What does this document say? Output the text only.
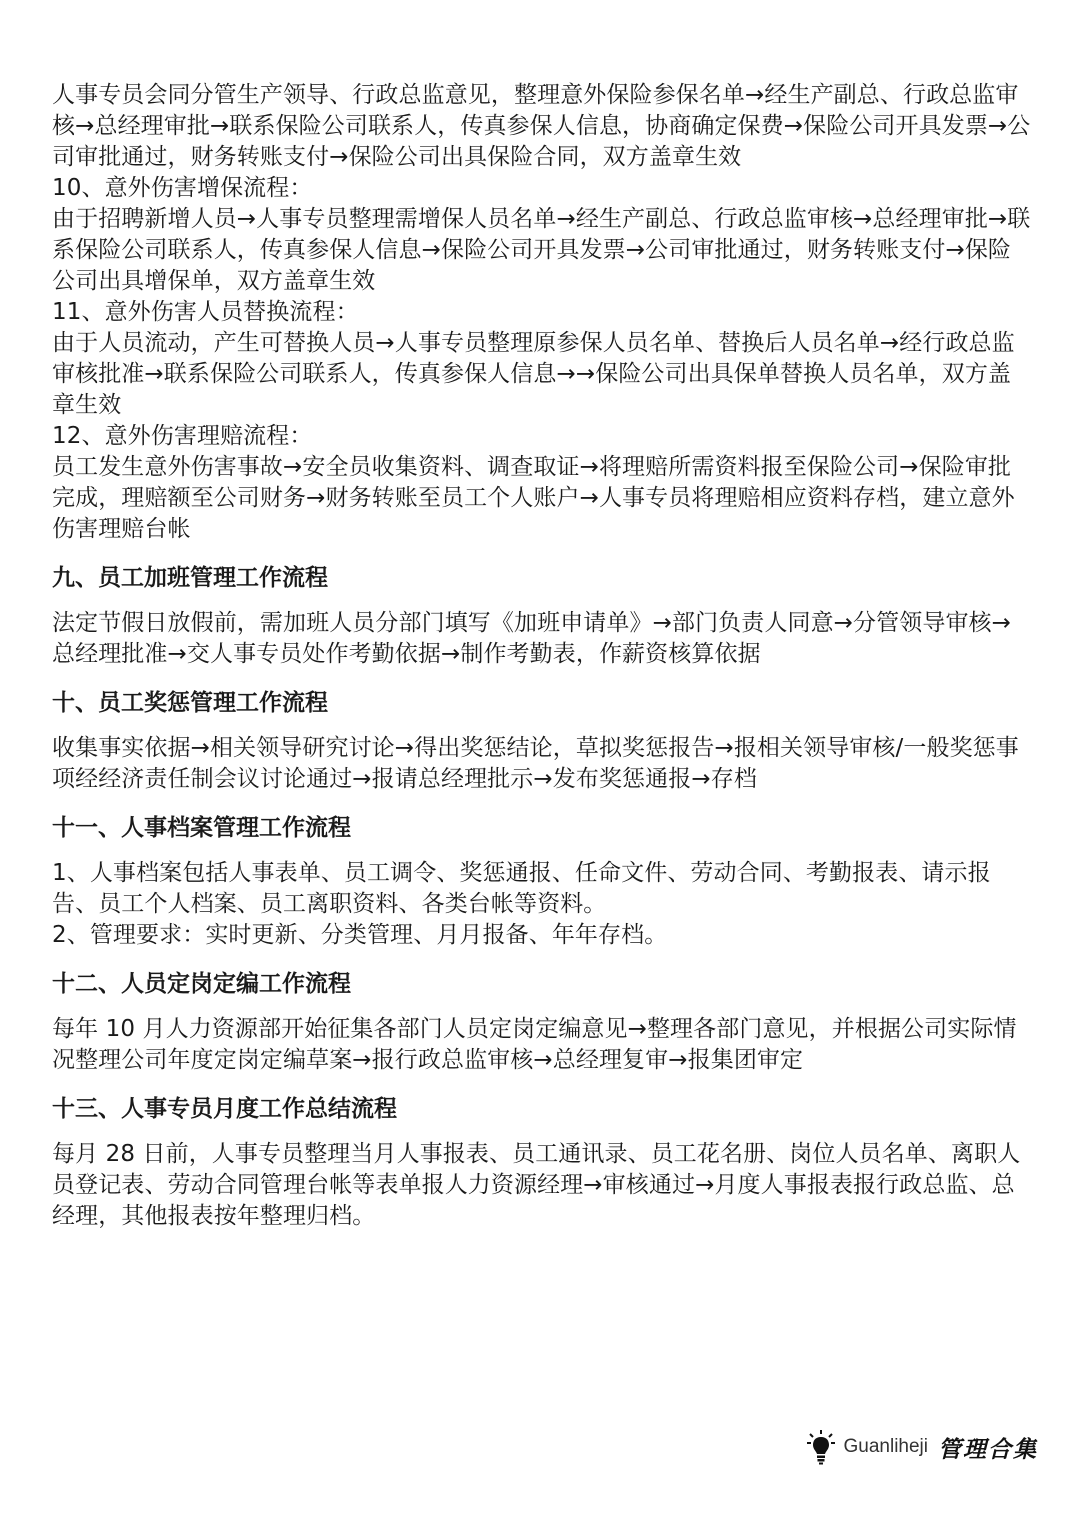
人事专员会同分管生产领导、行政总监意见，整理意外保险参保名单→经生产副总、行政总监审核→总经理审批→联系保险公司联系人，传真参保人信息，协商确定保费→保险公司开具发票→公司审批通过，财务转账支付→保险公司出具保险合同，双方盖章生效

10、意外伤害增保流程：

由于招聘新增人员→人事专员整理需增保人员名单→经生产副总、行政总监审核→总经理审批→联系保险公司联系人，传真参保人信息→保险公司开具发票→公司审批通过，财务转账支付→保险公司出具增保单，双方盖章生效

11、意外伤害人员替换流程：

由于人员流动，产生可替换人员→人事专员整理原参保人员名单、替换后人员名单→经行政总监审核批准→联系保险公司联系人，传真参保人信息→→保险公司出具保单替换人员名单，双方盖章生效

12、意外伤害理赔流程：

员工发生意外伤害事故→安全员收集资料、调查取证→将理赔所需资料报至保险公司→保险审批完成，理赔额至公司财务→财务转账至员工个人账户→人事专员将理赔相应资料存档，建立意外伤害理赔台帐

九、员工加班管理工作流程

法定节假日放假前，需加班人员分部门填写《加班申请单》→部门负责人同意→分管领导审核→总经理批准→交人事专员处作考勤依据→制作考勤表，作薪资核算依据

十、员工奖惩管理工作流程

收集事实依据→相关领导研究讨论→得出奖惩结论，草拟奖惩报告→报相关领导审核/一般奖惩事项经经济责任制会议讨论通过→报请总经理批示→发布奖惩通报→存档

十一、人事档案管理工作流程

1、人事档案包括人事表单、员工调令、奖惩通报、任命文件、劳动合同、考勤报表、请示报告、员工个人档案、员工离职资料、各类台帐等资料。

2、管理要求：实时更新、分类管理、月月报备、年年存档。

十二、人员定岗定编工作流程

每年 10 月人力资源部开始征集各部门人员定岗定编意见→整理各部门意见，并根据公司实际情况整理公司年度定岗定编草案→报行政总监审核→总经理复审→报集团审定

十三、人事专员月度工作总结流程

每月 28 日前，人事专员整理当月人事报表、员工通讯录、员工花名册、岗位人员名单、离职人员登记表、劳动合同管理台帐等表单报人力资源经理→审核通过→月度人事报表报行政总监、总经理，其他报表按年整理归档。

Guanliheji 管理合集
